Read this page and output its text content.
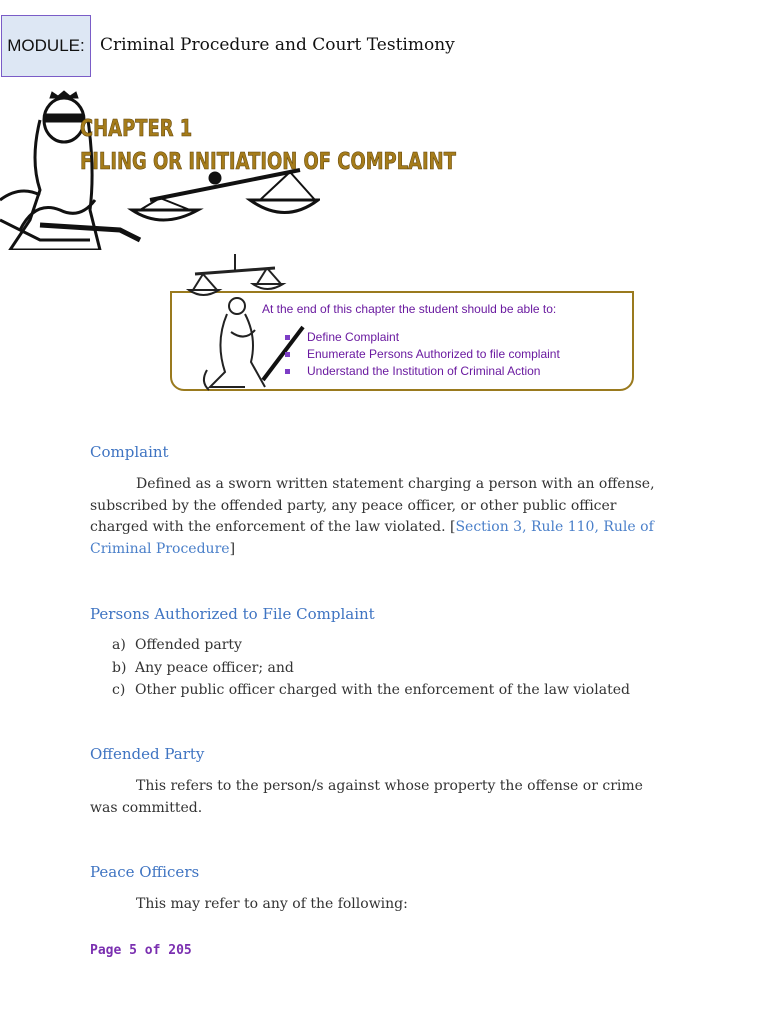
MODULE: Criminal Procedure and Court Testimony
CHAPTER 1
FILING OR INITIATION OF COMPLAINT
At the end of this chapter the student should be able to:
Define Complaint
Enumerate Persons Authorized to file complaint
Understand the Institution of Criminal Action
Complaint

Defined as a sworn written statement charging a person with an offense, subscribed by the offended party, any peace officer, or other public officer charged with the enforcement of the law violated. [Section 3, Rule 110, Rule of Criminal Procedure]

Persons Authorized to File Complaint
a) Offended party
b) Any peace officer; and
c) Other public officer charged with the enforcement of the law violated
Offended Party

This refers to the person/s against whose property the offense or crime was committed.

Peace Officers

This may refer to any of the following:

Page 5 of 205
